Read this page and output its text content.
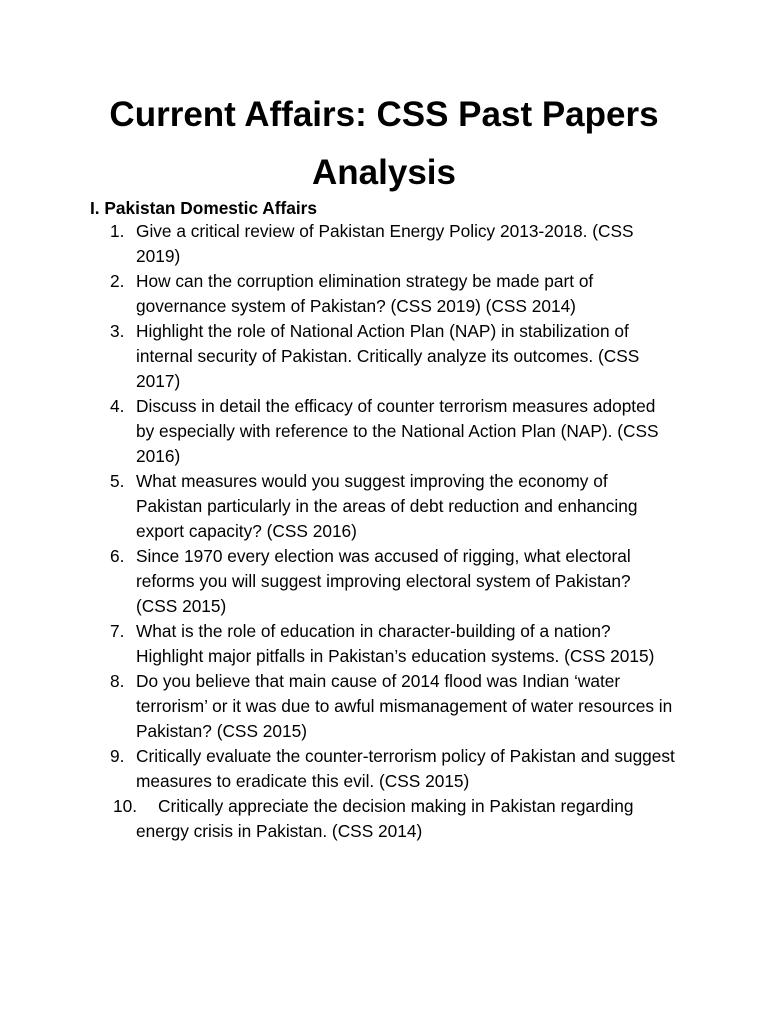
Current Affairs: CSS Past Papers Analysis
I. Pakistan Domestic Affairs
1. Give a critical review of Pakistan Energy Policy 2013-2018. (CSS 2019)
2. How can the corruption elimination strategy be made part of governance system of Pakistan? (CSS 2019) (CSS 2014)
3. Highlight the role of National Action Plan (NAP) in stabilization of internal security of Pakistan. Critically analyze its outcomes. (CSS 2017)
4. Discuss in detail the efficacy of counter terrorism measures adopted by especially with reference to the National Action Plan (NAP). (CSS 2016)
5. What measures would you suggest improving the economy of Pakistan particularly in the areas of debt reduction and enhancing export capacity? (CSS 2016)
6. Since 1970 every election was accused of rigging, what electoral reforms you will suggest improving electoral system of Pakistan? (CSS 2015)
7. What is the role of education in character-building of a nation? Highlight major pitfalls in Pakistan’s education systems. (CSS 2015)
8. Do you believe that main cause of 2014 flood was Indian ‘water terrorism’ or it was due to awful mismanagement of water resources in Pakistan? (CSS 2015)
9. Critically evaluate the counter-terrorism policy of Pakistan and suggest measures to eradicate this evil. (CSS 2015)
10.	Critically appreciate the decision making in Pakistan regarding energy crisis in Pakistan. (CSS 2014)
